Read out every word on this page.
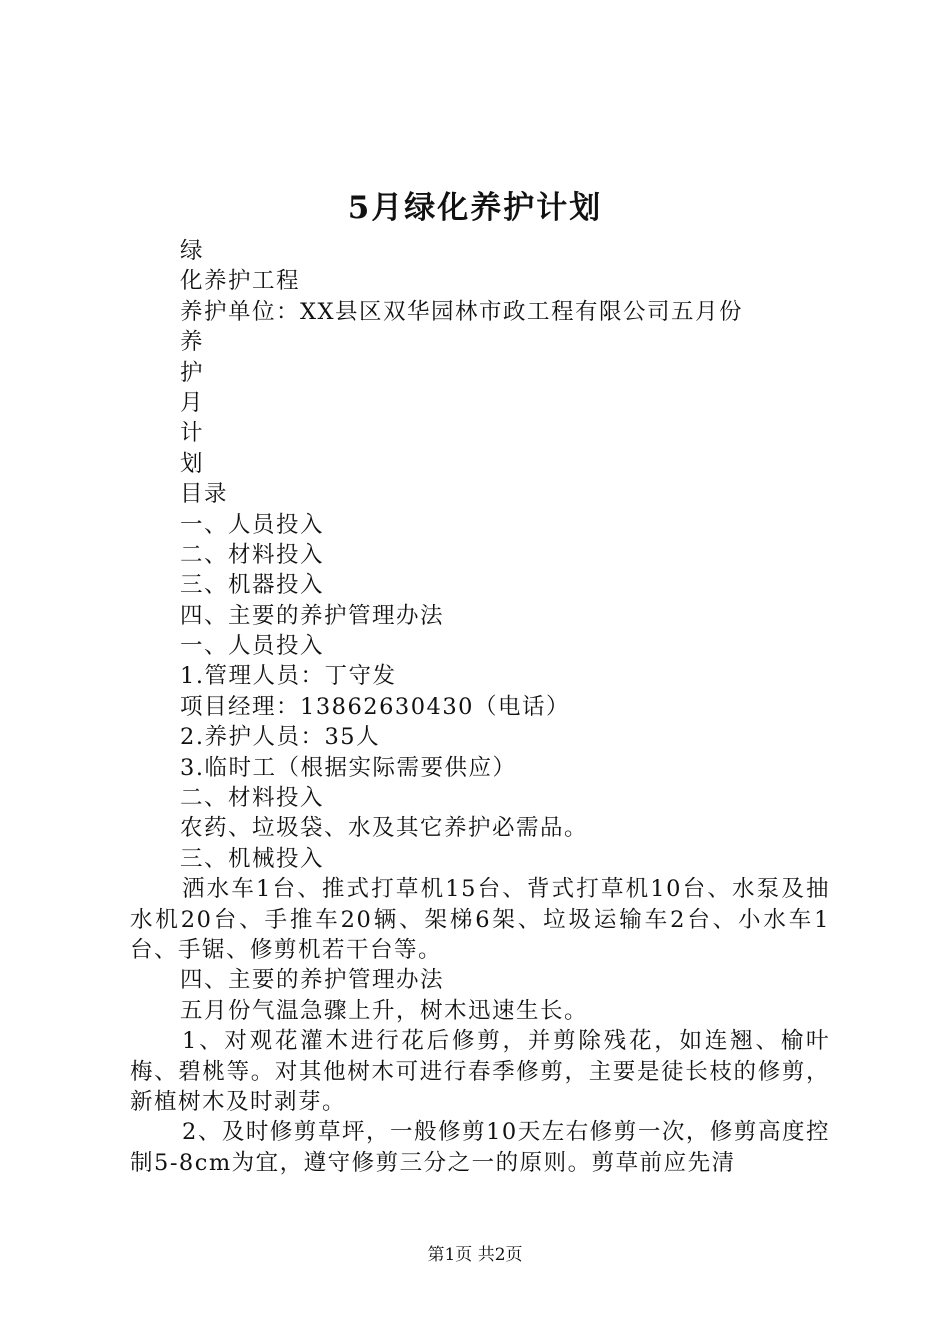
5月绿化养护计划
绿
化养护工程
养护单位：XX县区双华园林市政工程有限公司五月份
养
护
月
计
划
目录
一、人员投入
二、材料投入
三、机器投入
四、主要的养护管理办法
一、人员投入
1.管理人员：丁守发
项目经理：13862630430（电话）
2.养护人员：35人
3.临时工（根据实际需要供应）
二、材料投入
农药、垃圾袋、水及其它养护必需品。
三、机械投入
洒水车1台、推式打草机15台、背式打草机10台、水泵及抽水机20台、手推车20辆、架梯6架、垃圾运输车2台、小水车1台、手锯、修剪机若干台等。
四、主要的养护管理办法
五月份气温急骤上升，树木迅速生长。
1、对观花灌木进行花后修剪，并剪除残花，如连翘、榆叶梅、碧桃等。对其他树木可进行春季修剪，主要是徒长枝的修剪，新植树木及时剥芽。
2、及时修剪草坪，一般修剪10天左右修剪一次，修剪高度控制5-8cm为宜，遵守修剪三分之一的原则。剪草前应先清
第1页 共2页
